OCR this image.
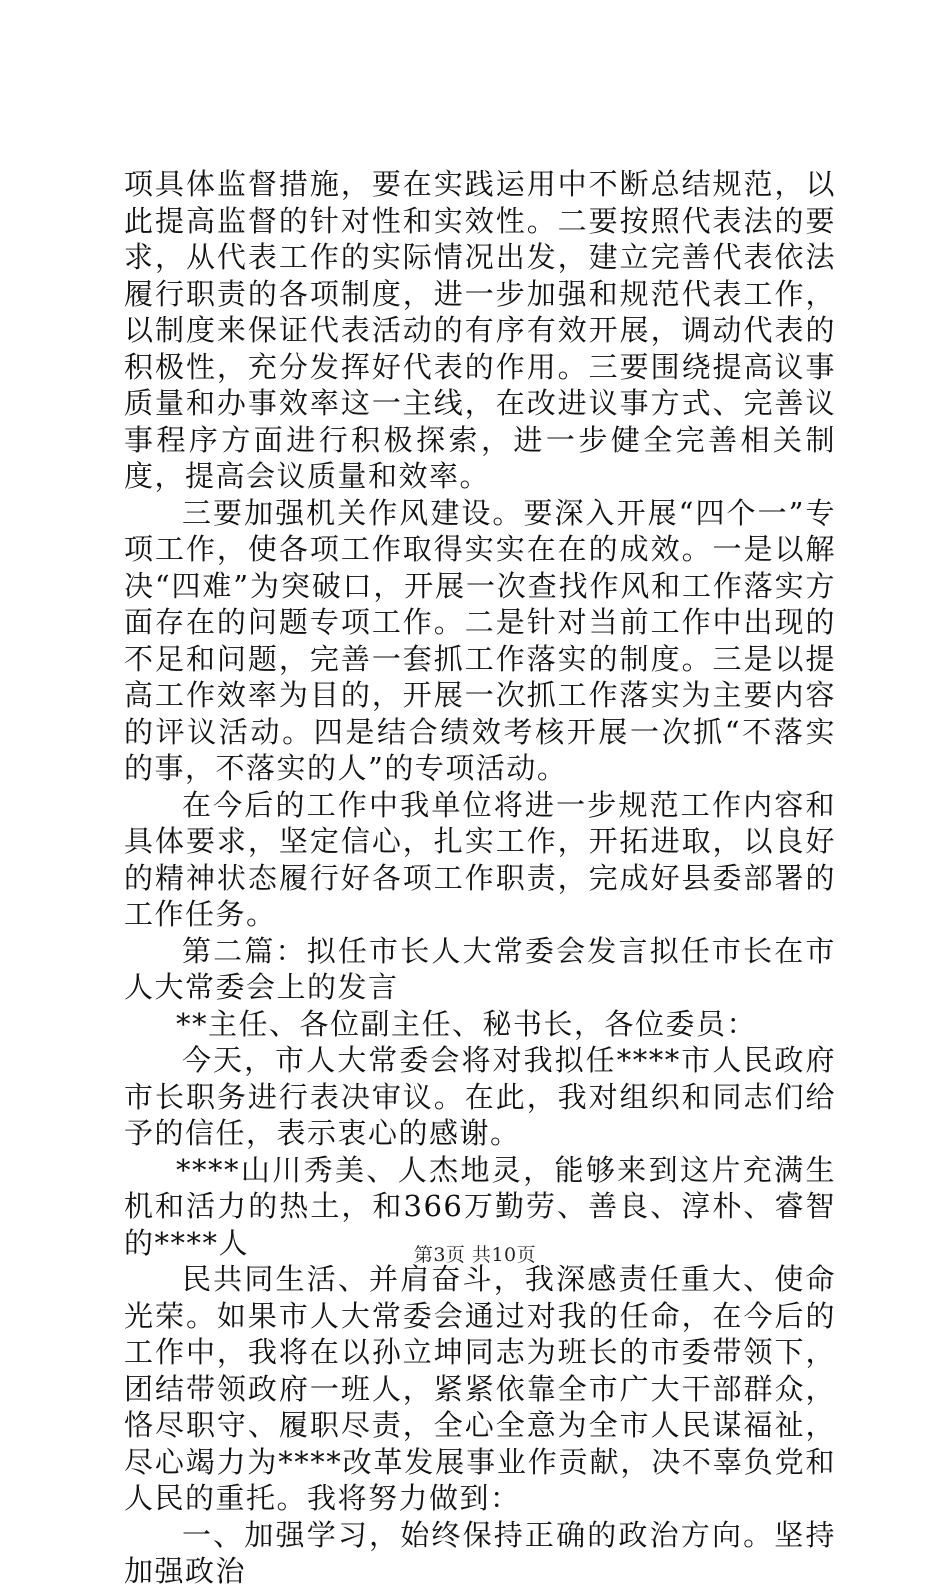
项具体监督措施，要在实践运用中不断总结规范，以此提高监督的针对性和实效性。二要按照代表法的要求，从代表工作的实际情况出发，建立完善代表依法履行职责的各项制度，进一步加强和规范代表工作，以制度来保证代表活动的有序有效开展，调动代表的积极性，充分发挥好代表的作用。三要围绕提高议事质量和办事效率这一主线，在改进议事方式、完善议事程序方面进行积极探索，进一步健全完善相关制度，提高会议质量和效率。

三要加强机关作风建设。要深入开展“四个一”专项工作，使各项工作取得实实在在的成效。一是以解决“四难”为突破口，开展一次查找作风和工作落实方面存在的问题专项工作。二是针对当前工作中出现的不足和问题，完善一套抓工作落实的制度。三是以提高工作效率为目的，开展一次抓工作落实为主要内容的评议活动。四是结合绩效考核开展一次抓“不落实的事，不落实的人”的专项活动。

在今后的工作中我单位将进一步规范工作内容和具体要求，坚定信心，扎实工作，开拓进取，以良好的精神状态履行好各项工作职责，完成好县委部署的工作任务。

第二篇：拟任市长人大常委会发言拟任市长在市人大常委会上的发言

**主任、各位副主任、秘书长，各位委员：

今天，市人大常委会将对我拟任****市人民政府市长职务进行表决审议。在此，我对组织和同志们给予的信任，表示衷心的感谢。

****山川秀美、人杰地灵，能够来到这片充满生机和活力的热土，和366万勤劳、善良、淳朴、睿智的****人

民共同生活、并肩奋斗，我深感责任重大、使命光荣。如果市人大常委会通过对我的任命，在今后的工作中，我将在以孙立坤同志为班长的市委带领下，团结带领政府一班人，紧紧依靠全市广大干部群众，恪尽职守、履职尽责，全心全意为全市人民谋福祉，尽心竭力为****改革发展事业作贡献，决不辜负党和人民的重托。我将努力做到：

一、加强学习，始终保持正确的政治方向。坚持加强政治

第3页 共10页
